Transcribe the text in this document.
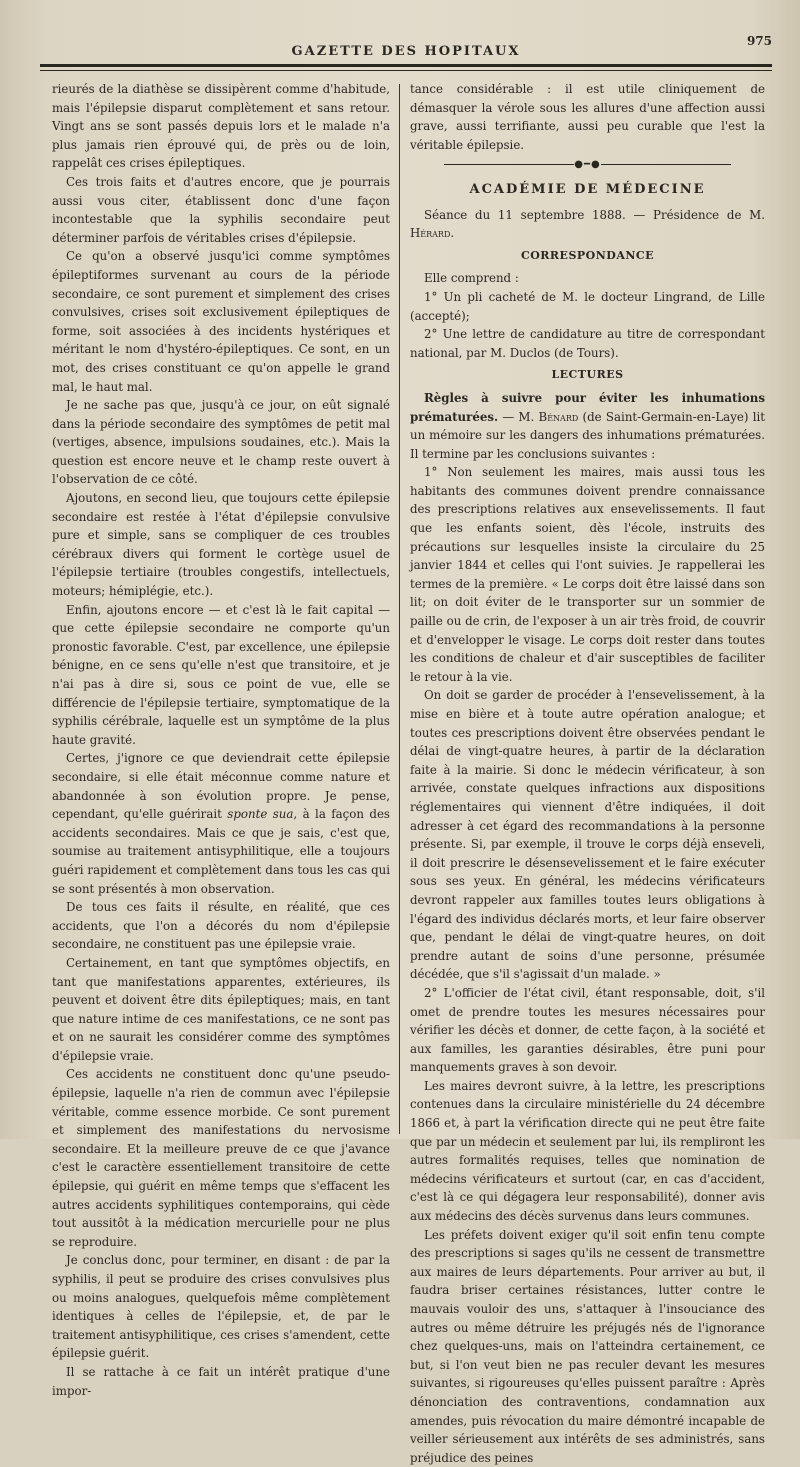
GAZETTE DES HOPITAUX
975

rieurés de la diathèse se dissipèrent comme d'habitude, mais l'épilepsie disparut complètement et sans retour. Vingt ans se sont passés depuis lors et le malade n'a plus jamais rien éprouvé qui, de près ou de loin, rappelât ces crises épileptiques.

Ces trois faits et d'autres encore, que je pourrais aussi vous citer, établissent donc d'une façon incontestable que la syphilis secondaire peut déterminer parfois de véritables crises d'épilepsie.

Ce qu'on a observé jusqu'ici comme symptômes épileptiformes survenant au cours de la période secondaire, ce sont purement et simplement des crises convulsives, crises soit exclusivement épileptiques de forme, soit associées à des incidents hystériques et méritant le nom d'hystéro-épileptiques. Ce sont, en un mot, des crises constituant ce qu'on appelle le grand mal, le haut mal.

Je ne sache pas que, jusqu'à ce jour, on eût signalé dans la période secondaire des symptômes de petit mal (vertiges, absence, impulsions soudaines, etc.). Mais la question est encore neuve et le champ reste ouvert à l'observation de ce côté.

Ajoutons, en second lieu, que toujours cette épilepsie secondaire est restée à l'état d'épilepsie convulsive pure et simple, sans se compliquer de ces troubles cérébraux divers qui forment le cortège usuel de l'épilepsie tertiaire (troubles congestifs, intellectuels, moteurs; hémiplégie, etc.).

Enfin, ajoutons encore — et c'est là le fait capital — que cette épilepsie secondaire ne comporte qu'un pronostic favorable. C'est, par excellence, une épilepsie bénigne, en ce sens qu'elle n'est que transitoire, et je n'ai pas à dire si, sous ce point de vue, elle se différencie de l'épilepsie tertiaire, symptomatique de la syphilis cérébrale, laquelle est un symptôme de la plus haute gravité.

Certes, j'ignore ce que deviendrait cette épilepsie secondaire, si elle était méconnue comme nature et abandonnée à son évolution propre. Je pense, cependant, qu'elle guérirait sponte sua, à la façon des accidents secondaires. Mais ce que je sais, c'est que, soumise au traitement antisyphilitique, elle a toujours guéri rapidement et complètement dans tous les cas qui se sont présentés à mon observation.

De tous ces faits il résulte, en réalité, que ces accidents, que l'on a décorés du nom d'épilepsie secondaire, ne constituent pas une épilepsie vraie.

Certainement, en tant que symptômes objectifs, en tant que manifestations apparentes, extérieures, ils peuvent et doivent être dits épileptiques; mais, en tant que nature intime de ces manifestations, ce ne sont pas et on ne saurait les considérer comme des symptômes d'épilepsie vraie.

Ces accidents ne constituent donc qu'une pseudo-épilepsie, laquelle n'a rien de commun avec l'épilepsie véritable, comme essence morbide. Ce sont purement et simplement des manifestations du nervosisme secondaire. Et la meilleure preuve de ce que j'avance c'est le caractère essentiellement transitoire de cette épilepsie, qui guérit en même temps que s'effacent les autres accidents syphilitiques contemporains, qui cède tout aussitôt à la médication mercurielle pour ne plus se reproduire.

Je conclus donc, pour terminer, en disant : de par la syphilis, il peut se produire des crises convulsives plus ou moins analogues, quelquefois même complètement identiques à celles de l'épilepsie, et, de par le traitement antisyphilitique, ces crises s'amendent, cette épilepsie guérit.

Il se rattache à ce fait un intérêt pratique d'une impor-

tance considérable : il est utile cliniquement de démasquer la vérole sous les allures d'une affection aussi grave, aussi terrifiante, aussi peu curable que l'est la véritable épilepsie.

●━●
ACADÉMIE DE MÉDECINE

Séance du 11 septembre 1888. — Présidence de M. Hérard.

CORRESPONDANCE

Elle comprend :

1° Un pli cacheté de M. le docteur Lingrand, de Lille (accepté);

2° Une lettre de candidature au titre de correspondant national, par M. Duclos (de Tours).

LECTURES

Règles à suivre pour éviter les inhumations prématurées. — M. Bénard (de Saint-Germain-en-Laye) lit un mémoire sur les dangers des inhumations prématurées. Il termine par les conclusions suivantes :

1° Non seulement les maires, mais aussi tous les habitants des communes doivent prendre connaissance des prescriptions relatives aux ensevelissements. Il faut que les enfants soient, dès l'école, instruits des précautions sur lesquelles insiste la circulaire du 25 janvier 1844 et celles qui l'ont suivies. Je rappellerai les termes de la première. « Le corps doit être laissé dans son lit; on doit éviter de le transporter sur un sommier de paille ou de crin, de l'exposer à un air très froid, de couvrir et d'envelopper le visage. Le corps doit rester dans toutes les conditions de chaleur et d'air susceptibles de faciliter le retour à la vie.

On doit se garder de procéder à l'ensevelissement, à la mise en bière et à toute autre opération analogue; et toutes ces prescriptions doivent être observées pendant le délai de vingt-quatre heures, à partir de la déclaration faite à la mairie. Si donc le médecin vérificateur, à son arrivée, constate quelques infractions aux dispositions réglementaires qui viennent d'être indiquées, il doit adresser à cet égard des recommandations à la personne présente. Si, par exemple, il trouve le corps déjà enseveli, il doit prescrire le désensevelissement et le faire exécuter sous ses yeux. En général, les médecins vérificateurs devront rappeler aux familles toutes leurs obligations à l'égard des individus déclarés morts, et leur faire observer que, pendant le délai de vingt-quatre heures, on doit prendre autant de soins d'une personne, présumée décédée, que s'il s'agissait d'un malade. »

2° L'officier de l'état civil, étant responsable, doit, s'il omet de prendre toutes les mesures nécessaires pour vérifier les décès et donner, de cette façon, à la société et aux familles, les garanties désirables, être puni pour manquements graves à son devoir.

Les maires devront suivre, à la lettre, les prescriptions contenues dans la circulaire ministérielle du 24 décembre 1866 et, à part la vérification directe qui ne peut être faite que par un médecin et seulement par lui, ils rempliront les autres formalités requises, telles que nomination de médecins vérificateurs et surtout (car, en cas d'accident, c'est là ce qui dégagera leur responsabilité), donner avis aux médecins des décès survenus dans leurs communes.

Les préfets doivent exiger qu'il soit enfin tenu compte des prescriptions si sages qu'ils ne cessent de transmettre aux maires de leurs départements. Pour arriver au but, il faudra briser certaines résistances, lutter contre le mauvais vouloir des uns, s'attaquer à l'insouciance des autres ou même détruire les préjugés nés de l'ignorance chez quelques-uns, mais on l'atteindra certainement, ce but, si l'on veut bien ne pas reculer devant les mesures suivantes, si rigoureuses qu'elles puissent paraître : Après dénonciation des contraventions, condamnation aux amendes, puis révocation du maire démontré incapable de veiller sérieusement aux intérêts de ses administrés, sans préjudice des peines
